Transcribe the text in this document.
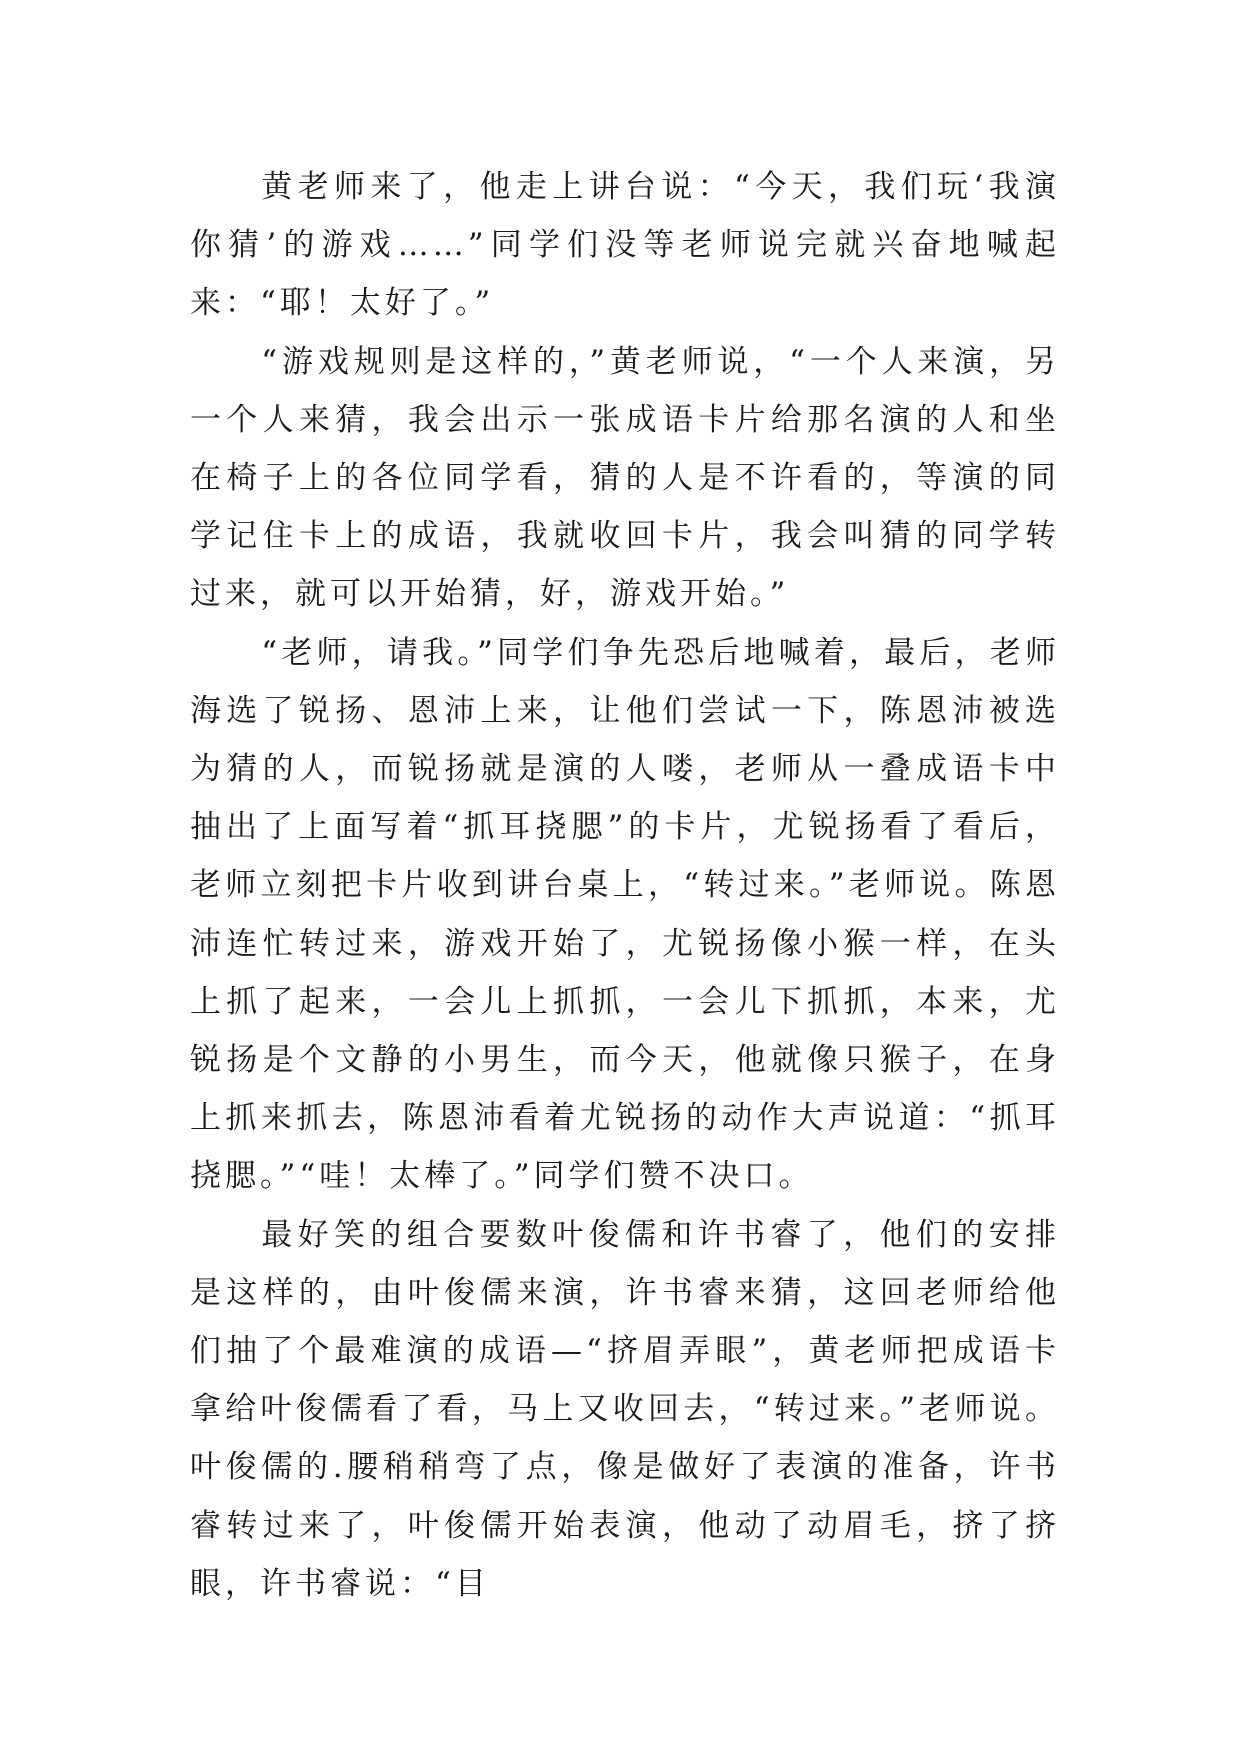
黄老师来了，他走上讲台说：“今天，我们玩‘我演你猜’的游戏……”同学们没等老师说完就兴奋地喊起来：“耶！太好了。”

“游戏规则是这样的，”黄老师说，“一个人来演，另一个人来猜，我会出示一张成语卡片给那名演的人和坐在椅子上的各位同学看，猜的人是不许看的，等演的同学记住卡上的成语，我就收回卡片，我会叫猜的同学转过来，就可以开始猜，好，游戏开始。”

“老师，请我。”同学们争先恐后地喊着，最后，老师海选了锐扬、恩沛上来，让他们尝试一下，陈恩沛被选为猜的人，而锐扬就是演的人喽，老师从一叠成语卡中抽出了上面写着“抓耳挠腮”的卡片，尤锐扬看了看后，老师立刻把卡片收到讲台桌上，“转过来。”老师说。陈恩沛连忙转过来，游戏开始了，尤锐扬像小猴一样，在头上抓了起来，一会儿上抓抓，一会儿下抓抓，本来，尤锐扬是个文静的小男生，而今天，他就像只猴子，在身上抓来抓去，陈恩沛看着尤锐扬的动作大声说道：“抓耳挠腮。”“哇！太棒了。”同学们赞不决口。

最好笑的组合要数叶俊儒和许书睿了，他们的安排是这样的，由叶俊儒来演，许书睿来猜，这回老师给他们抽了个最难演的成语—“挤眉弄眼”，黄老师把成语卡拿给叶俊儒看了看，马上又收回去，“转过来。”老师说。叶俊儒的.腰稍稍弯了点，像是做好了表演的准备，许书睿转过来了，叶俊儒开始表演，他动了动眉毛，挤了挤眼，许书睿说：“目
